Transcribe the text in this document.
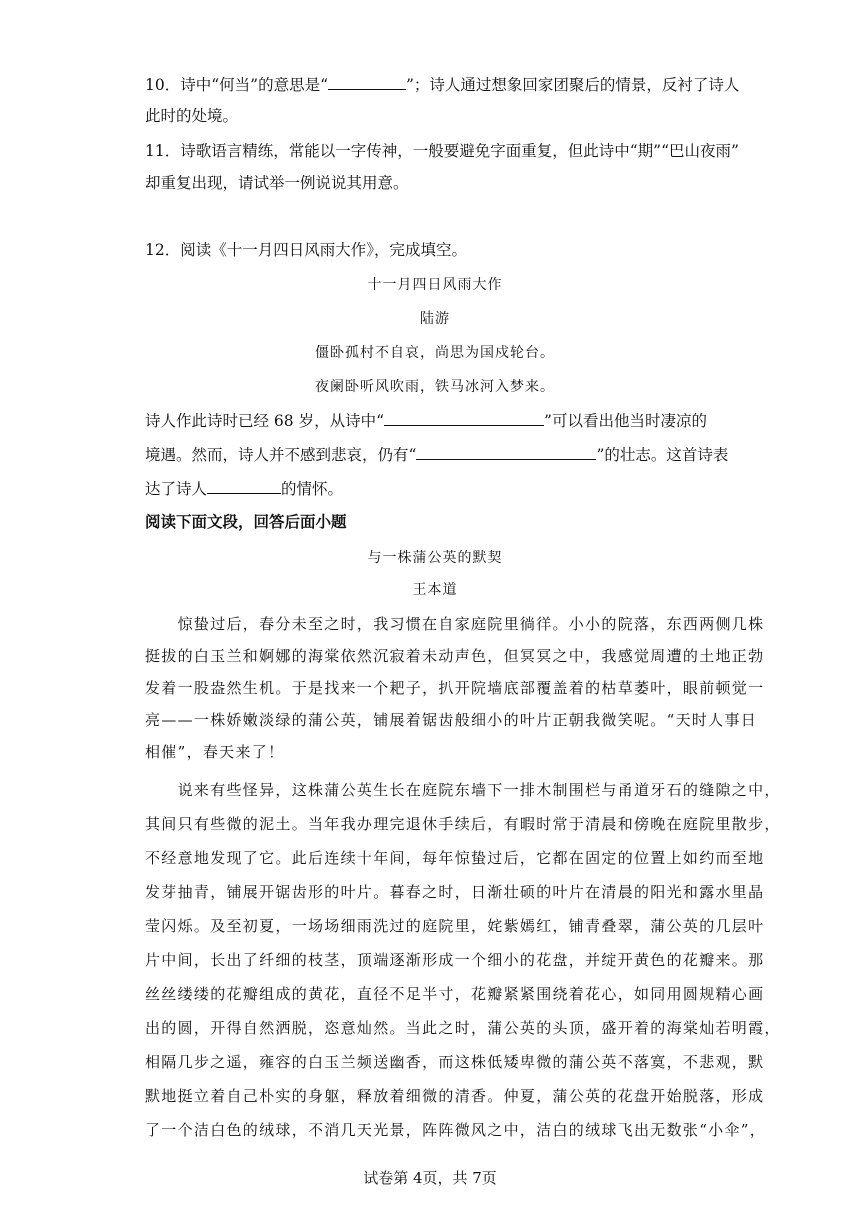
10．诗中“何当”的意思是“	”；诗人通过想象回家团聚后的情景，反衬了诗人
此时的处境。
11．诗歌语言精练，常能以一字传神，一般要避免字面重复，但此诗中“期”“巴山夜雨”
却重复出现，请试举一例说说其用意。
12．阅读《十一月四日风雨大作》，完成填空。
十一月四日风雨大作
陆游
僵卧孤村不自哀，尚思为国戍轮台。
夜阑卧听风吹雨，铁马冰河入梦来。
诗人作此诗时已经 68 岁，从诗中“	”可以看出他当时凄凉的
境遇。然而，诗人并不感到悲哀，仍有“	”的壮志。这首诗表
达了诗人	的情怀。
阅读下面文段，回答后面小题
与一株蒲公英的默契
王本道
　　惊蛰过后，春分未至之时，我习惯在自家庭院里徜徉。小小的院落，东西两侧几株
挺拔的白玉兰和婀娜的海棠依然沉寂着未动声色，但冥冥之中，我感觉周遭的土地正勃
发着一股盎然生机。于是找来一个耙子，扒开院墙底部覆盖着的枯草萎叶，眼前顿觉一
亮——一株娇嫩淡绿的蒲公英，铺展着锯齿般细小的叶片正朝我微笑呢。“天时人事日
相催”，春天来了！
　　说来有些怪异，这株蒲公英生长在庭院东墙下一排木制围栏与甬道牙石的缝隙之中，
其间只有些微的泥土。当年我办理完退休手续后，有暇时常于清晨和傍晚在庭院里散步，
不经意地发现了它。此后连续十年间，每年惊蛰过后，它都在固定的位置上如约而至地
发芽抽青，铺展开锯齿形的叶片。暮春之时，日渐壮硕的叶片在清晨的阳光和露水里晶
莹闪烁。及至初夏，一场场细雨洗过的庭院里，姹紫嫣红，铺青叠翠，蒲公英的几层叶
片中间，长出了纤细的枝茎，顶端逐渐形成一个细小的花盘，并绽开黄色的花瓣来。那
丝丝缕缕的花瓣组成的黄花，直径不足半寸，花瓣紧紧围绕着花心，如同用圆规精心画
出的圆，开得自然洒脱，恣意灿然。当此之时，蒲公英的头顶，盛开着的海棠灿若明霞，
相隔几步之遥，雍容的白玉兰频送幽香，而这株低矮卑微的蒲公英不落寞，不悲观，默
默地挺立着自己朴实的身躯，释放着细微的清香。仲夏，蒲公英的花盘开始脱落，形成
了一个洁白色的绒球，不消几天光景，阵阵微风之中，洁白的绒球飞出无数张“小伞”，
试卷第 4页，共 7页
